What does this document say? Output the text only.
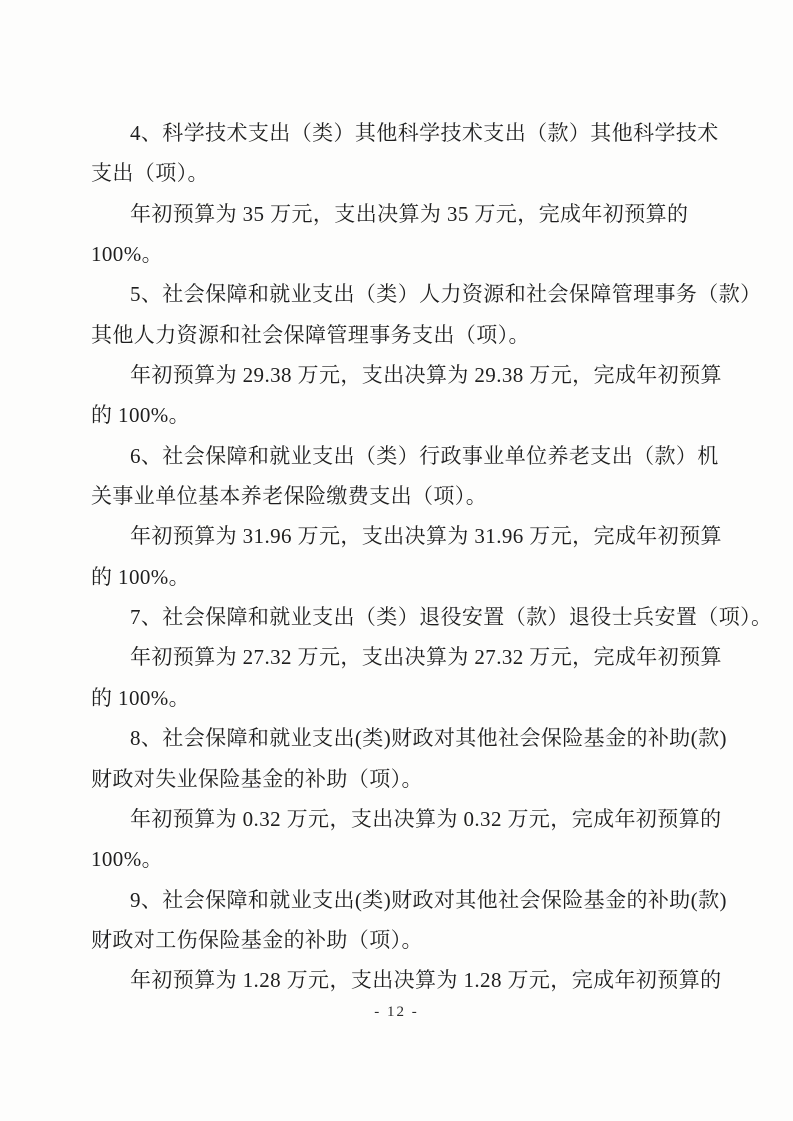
4、科学技术支出（类）其他科学技术支出（款）其他科学技术
支出（项）。
年初预算为 35 万元，支出决算为 35 万元，完成年初预算的
100%。
5、社会保障和就业支出（类）人力资源和社会保障管理事务（款）
其他人力资源和社会保障管理事务支出（项）。
年初预算为 29.38 万元，支出决算为 29.38 万元，完成年初预算
的 100%。
6、社会保障和就业支出（类）行政事业单位养老支出（款）机
关事业单位基本养老保险缴费支出（项）。
年初预算为 31.96 万元，支出决算为 31.96 万元，完成年初预算
的 100%。
7、社会保障和就业支出（类）退役安置（款）退役士兵安置（项）。
年初预算为 27.32 万元，支出决算为 27.32 万元，完成年初预算
的 100%。
8、社会保障和就业支出(类)财政对其他社会保险基金的补助(款)
财政对失业保险基金的补助（项）。
年初预算为 0.32 万元，支出决算为 0.32 万元，完成年初预算的
100%。
9、社会保障和就业支出(类)财政对其他社会保险基金的补助(款)
财政对工伤保险基金的补助（项）。
年初预算为 1.28 万元，支出决算为 1.28 万元，完成年初预算的
- 12 -
